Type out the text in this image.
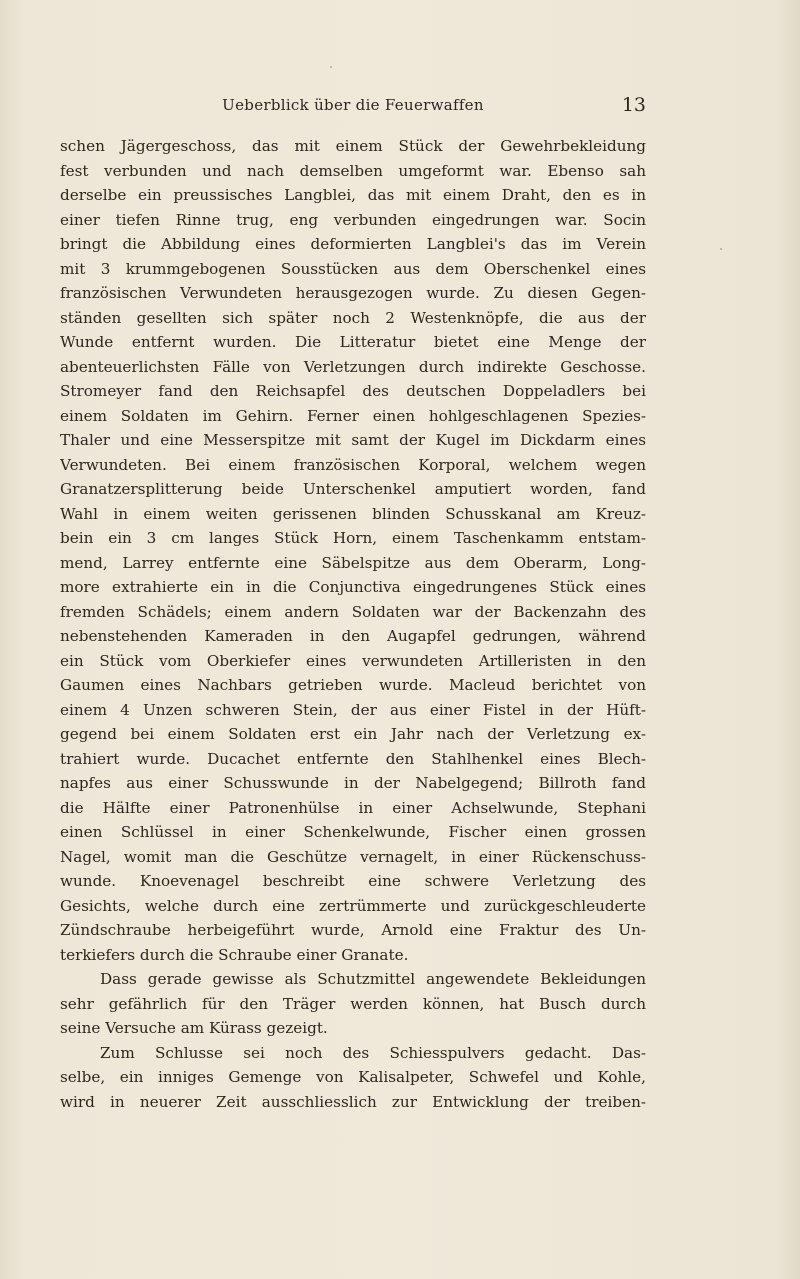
Ueberblick über die Feuerwaffen	13
schen Jägergeschoss, das mit einem Stück der Gewehrbekleidung
fest verbunden und nach demselben umgeformt war. Ebenso sah
derselbe ein preussisches Langblei, das mit einem Draht, den es in
einer tiefen Rinne trug, eng verbunden eingedrungen war. Socin
bringt die Abbildung eines deformierten Langblei's das im Verein
mit 3 krummgebogenen Sousstücken aus dem Oberschenkel eines
französischen Verwundeten herausgezogen wurde. Zu diesen Gegen-
ständen gesellten sich später noch 2 Westenknöpfe, die aus der
Wunde entfernt wurden. Die Litteratur bietet eine Menge der
abenteuerlichsten Fälle von Verletzungen durch indirekte Geschosse.
Stromeyer fand den Reichsapfel des deutschen Doppeladlers bei
einem Soldaten im Gehirn. Ferner einen hohlgeschlagenen Spezies-
Thaler und eine Messerspitze mit samt der Kugel im Dickdarm eines
Verwundeten. Bei einem französischen Korporal, welchem wegen
Granatzersplitterung beide Unterschenkel amputiert worden, fand
Wahl in einem weiten gerissenen blinden Schusskanal am Kreuz-
bein ein 3 cm langes Stück Horn, einem Taschenkamm entstam-
mend, Larrey entfernte eine Säbelspitze aus dem Oberarm, Long-
more extrahierte ein in die Conjunctiva eingedrungenes Stück eines
fremden Schädels; einem andern Soldaten war der Backenzahn des
nebenstehenden Kameraden in den Augapfel gedrungen, während
ein Stück vom Oberkiefer eines verwundeten Artilleristen in den
Gaumen eines Nachbars getrieben wurde. Macleud berichtet von
einem 4 Unzen schweren Stein, der aus einer Fistel in der Hüft-
gegend bei einem Soldaten erst ein Jahr nach der Verletzung ex-
trahiert wurde. Ducachet entfernte den Stahlhenkel eines Blech-
napfes aus einer Schusswunde in der Nabelgegend; Billroth fand
die Hälfte einer Patronenhülse in einer Achselwunde, Stephani
einen Schlüssel in einer Schenkelwunde, Fischer einen grossen
Nagel, womit man die Geschütze vernagelt, in einer Rückenschuss-
wunde. Knoevenagel beschreibt eine schwere Verletzung des
Gesichts, welche durch eine zertrümmerte und zurückgeschleuderte
Zündschraube herbeigeführt wurde, Arnold eine Fraktur des Un-
terkiefers durch die Schraube einer Granate.
Dass gerade gewisse als Schutzmittel angewendete Bekleidungen
sehr gefährlich für den Träger werden können, hat Busch durch
seine Versuche am Kürass gezeigt.
Zum Schlusse sei noch des Schiesspulvers gedacht. Das-
selbe, ein inniges Gemenge von Kalisalpeter, Schwefel und Kohle,
wird in neuerer Zeit ausschliesslich zur Entwicklung der treiben-
